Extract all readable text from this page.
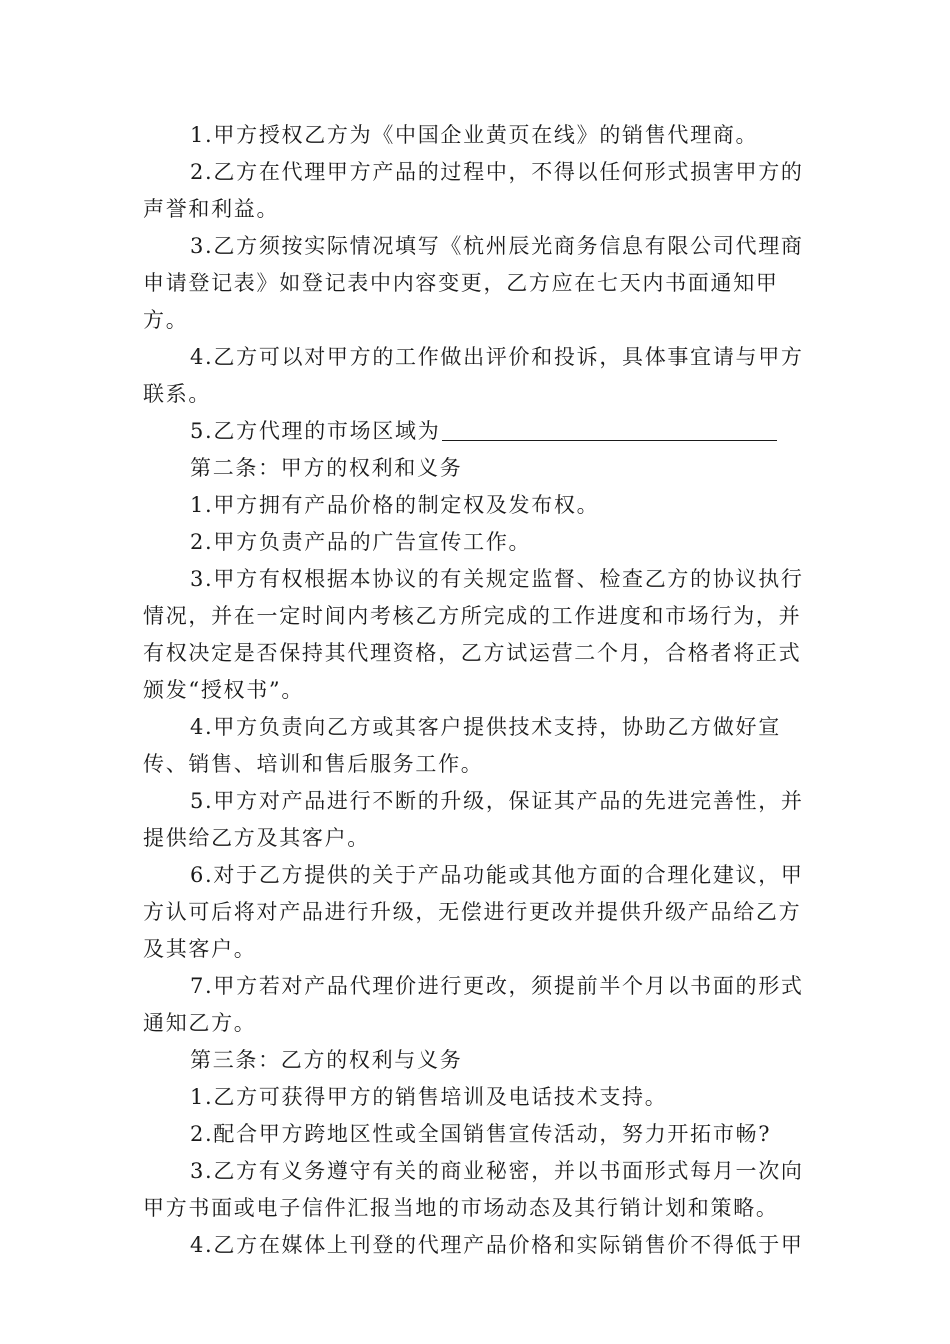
1.甲方授权乙方为《中国企业黄页在线》的销售代理商。

2.乙方在代理甲方产品的过程中，不得以任何形式损害甲方的声誉和利益。

3.乙方须按实际情况填写《杭州辰光商务信息有限公司代理商申请登记表》如登记表中内容变更，乙方应在七天内书面通知甲方。

4.乙方可以对甲方的工作做出评价和投诉，具体事宜请与甲方联系。

5.乙方代理的市场区域为

第二条：甲方的权利和义务

1.甲方拥有产品价格的制定权及发布权。

2.甲方负责产品的广告宣传工作。

3.甲方有权根据本协议的有关规定监督、检查乙方的协议执行情况，并在一定时间内考核乙方所完成的工作进度和市场行为，并有权决定是否保持其代理资格，乙方试运营二个月，合格者将正式颁发“授权书”。

4.甲方负责向乙方或其客户提供技术支持，协助乙方做好宣传、销售、培训和售后服务工作。

5.甲方对产品进行不断的升级，保证其产品的先进完善性，并提供给乙方及其客户。

6.对于乙方提供的关于产品功能或其他方面的合理化建议，甲方认可后将对产品进行升级，无偿进行更改并提供升级产品给乙方及其客户。

7.甲方若对产品代理价进行更改，须提前半个月以书面的形式通知乙方。

第三条：乙方的权利与义务

1.乙方可获得甲方的销售培训及电话技术支持。

2.配合甲方跨地区性或全国销售宣传活动，努力开拓市畅?

3.乙方有义务遵守有关的商业秘密，并以书面形式每月一次向甲方书面或电子信件汇报当地的市场动态及其行销计划和策略。

4.乙方在媒体上刊登的代理产品价格和实际销售价不得低于甲
